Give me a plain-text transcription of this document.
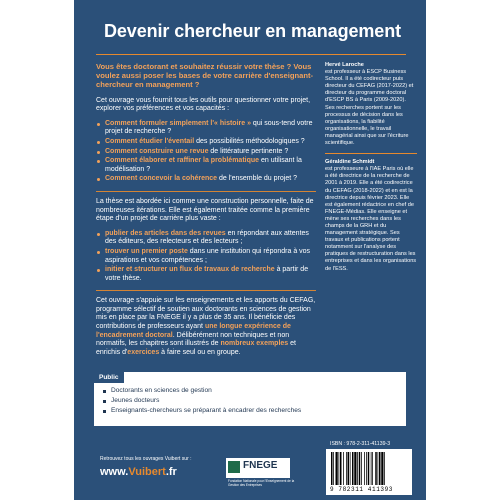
Devenir chercheur en management

Vous êtes doctorant et souhaitez réussir votre thèse ? Vous voulez aussi poser les bases de votre carrière d'enseignant-chercheur en management ?

Cet ouvrage vous fournit tous les outils pour questionner votre projet, explorer vos préférences et vos capacités :

Comment formuler simplement l'« histoire » qui sous-tend votre projet de recherche ?
Comment étudier l'éventail des possibilités méthodologiques ?
Comment construire une revue de littérature pertinente ?
Comment élaborer et raffiner la problématique en utilisant la modélisation ?
Comment concevoir la cohérence de l'ensemble du projet ?

La thèse est abordée ici comme une construction personnelle, faite de nombreuses itérations. Elle est également traitée comme la première étape d'un projet de carrière plus vaste :

publier des articles dans des revues en répondant aux attentes des éditeurs, des relecteurs et des lecteurs ;
trouver un premier poste dans une institution qui répondra à vos aspirations et vos compétences ;
initier et structurer un flux de travaux de recherche à partir de votre thèse.

Cet ouvrage s'appuie sur les enseignements et les apports du CEFAG, programme sélectif de soutien aux doctorants en sciences de gestion mis en place par la FNEGE il y a plus de 35 ans. Il bénéficie des contributions de professeurs ayant une longue expérience de l'encadrement doctoral. Délibérément non techniques et non normatifs, les chapitres sont illustrés de nombreux exemples et enrichis d'exercices à faire seul ou en groupe.

Hervé Laroche
est professeur à ESCP Business School. Il a été codirecteur puis directeur du CEFAG (2017-2022) et directeur du programme doctoral d'ESCP BS à Paris (2009-2020). Ses recherches portent sur les processus de décision dans les organisations, la fiabilité organisationnelle, le travail managérial ainsi que sur l'écriture scientifique.

Géraldine Schmidt
est professeure à l'IAE Paris où elle a été directrice de la recherche de 2001 à 2019. Elle a été codirectrice du CEFAG (2018-2022) et en est la directrice depuis février 2023. Elle est également rédactrice en chef de FNEGE-Médias. Elle enseigne et mène ses recherches dans les champs de la GRH et du management stratégique. Ses travaux et publications portent notamment sur l'analyse des pratiques de restructuration dans les entreprises et dans les organisations de l'ESS.

Public
Doctorants en sciences de gestion
Jeunes docteurs
Enseignants-chercheurs se préparant à encadrer des recherches
Retrouvez tous les ouvrages Vuibert sur :
www.Vuibert.fr
FNEGE
Fondation Nationale pour l'Enseignement de la Gestion des Entreprises
ISBN : 978-2-311-41139-3
9 782311 411393
